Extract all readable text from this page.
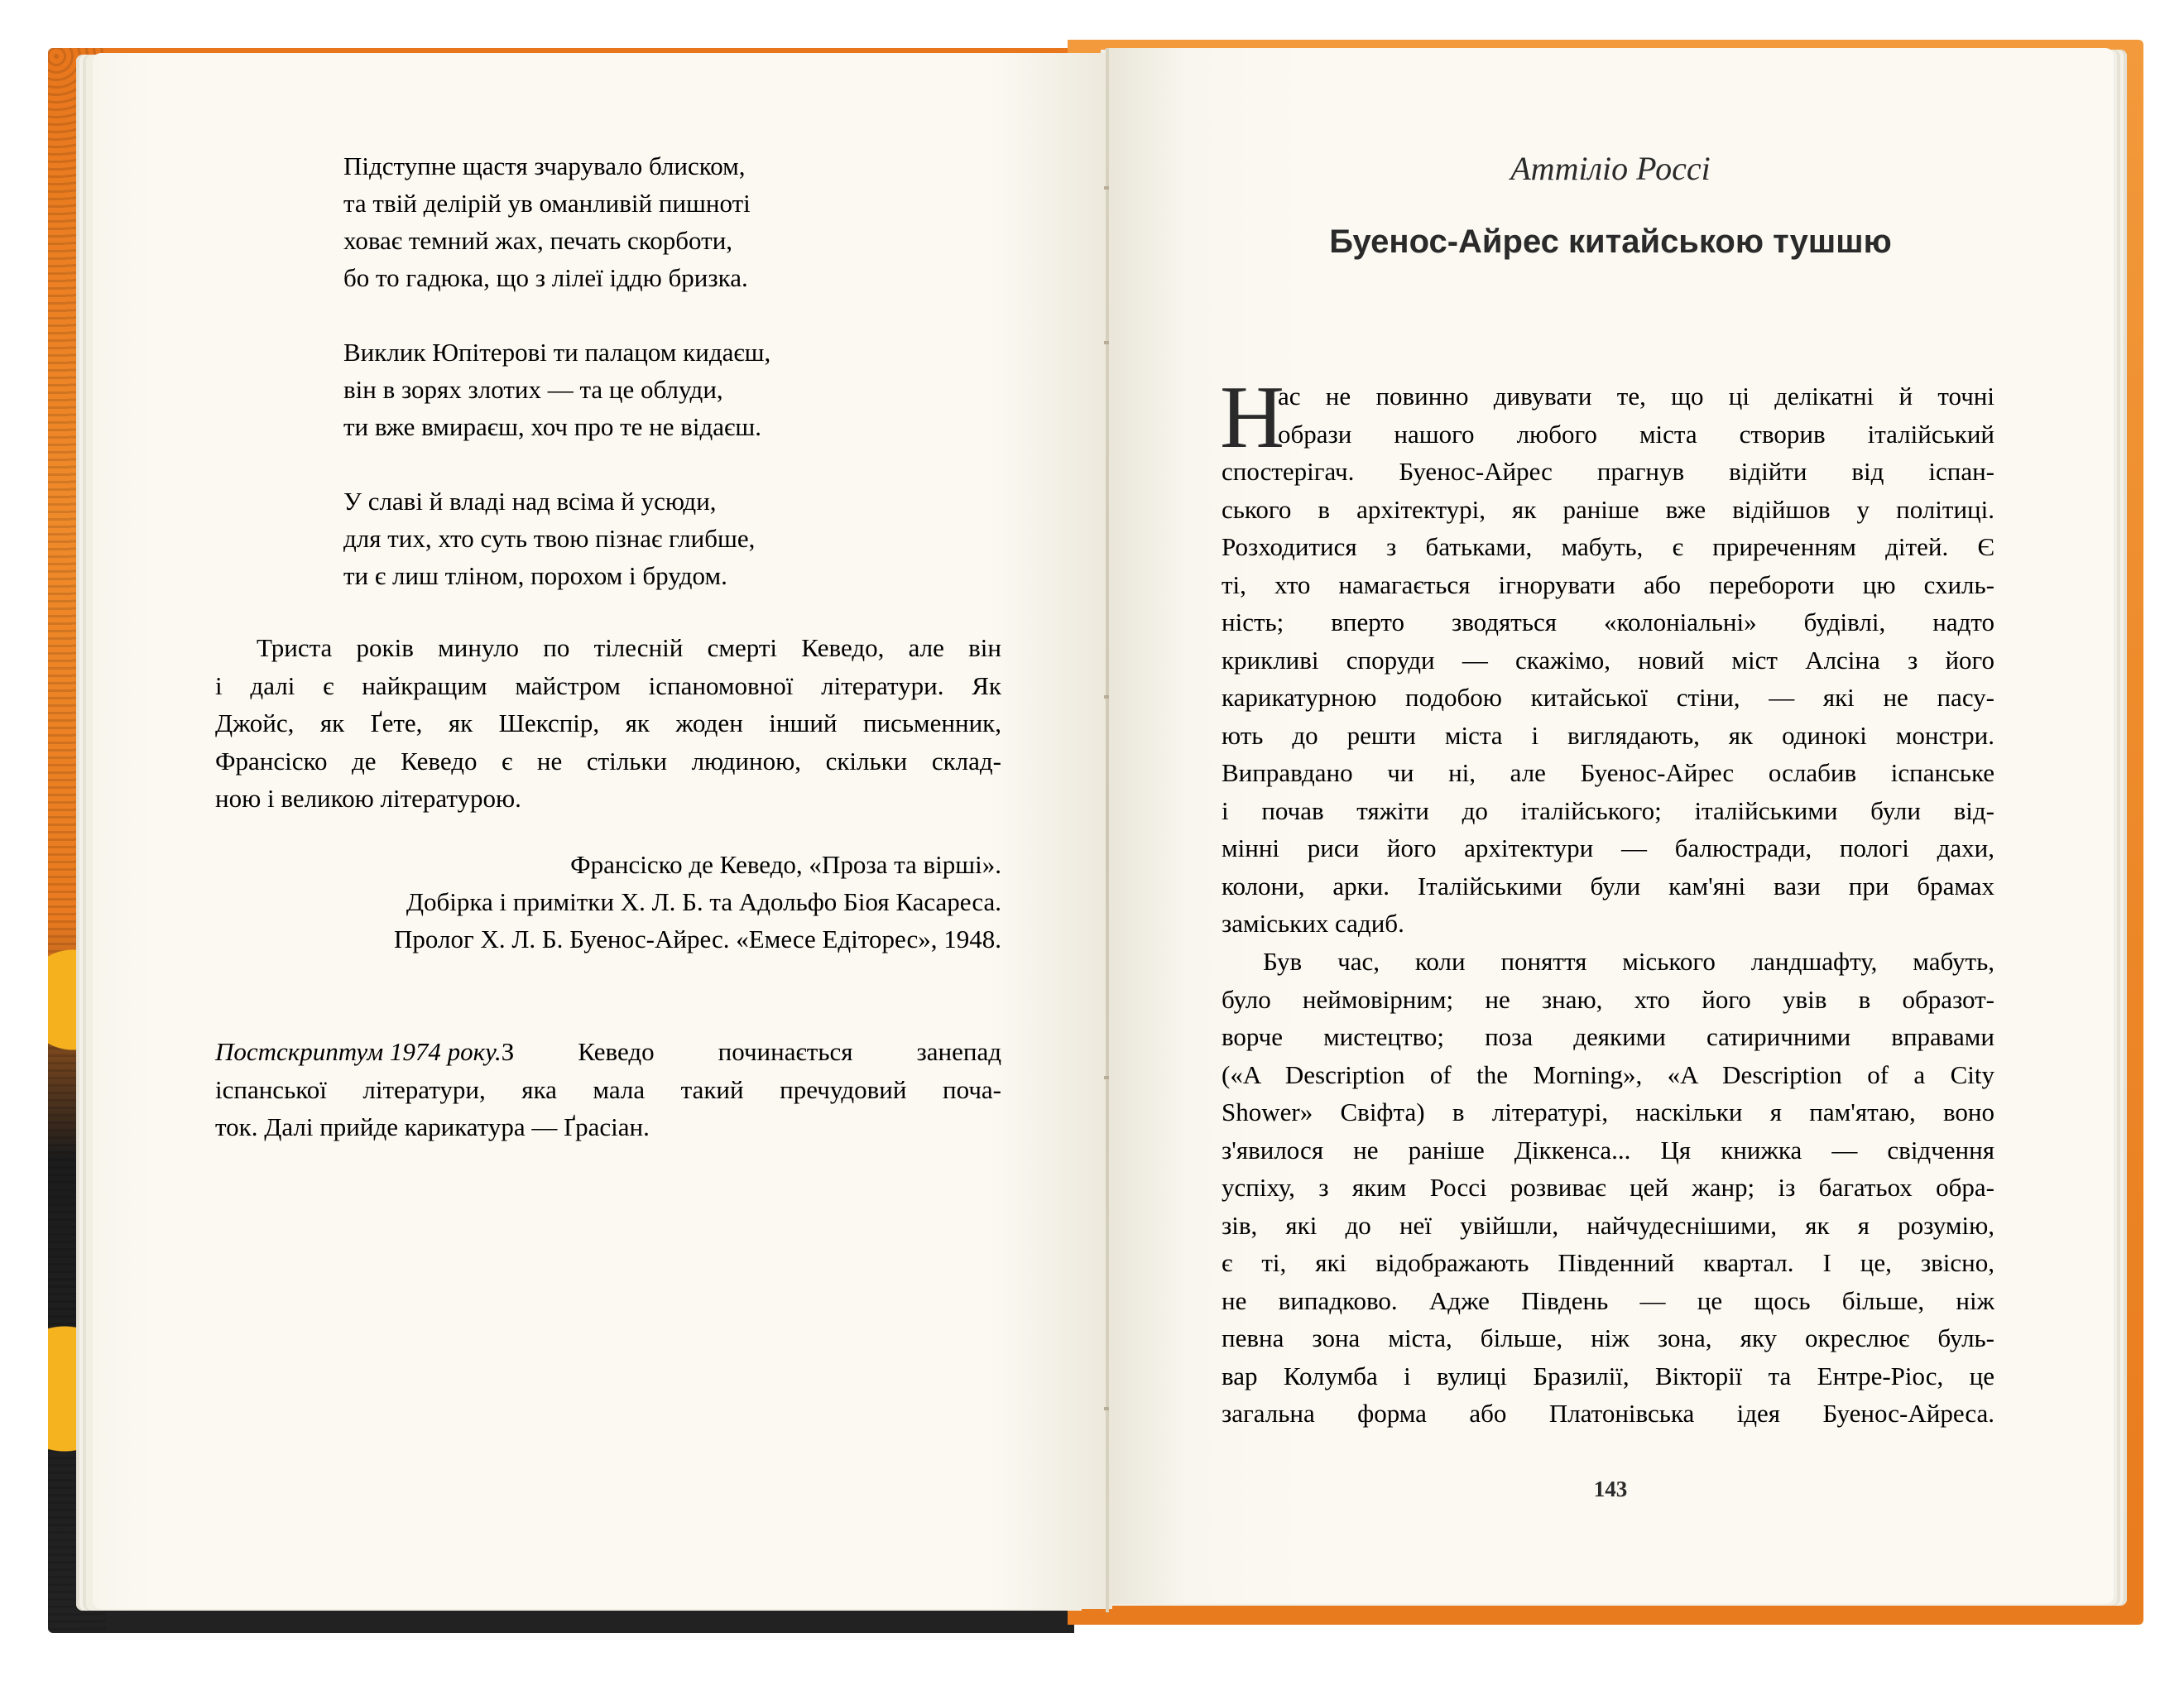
Підступне щастя зчарувало блиском,
та твій делірій ув оманливій пишноті
ховає темний жах, печать скорботи,
бо то гадюка, що з лілеї іддю бризка.
Виклик Юпітерові ти палацом кидаєш,
він в зорях злотих — та це облуди,
ти вже вмираєш, хоч про те не відаєш.
У славі й владі над всіма й усюди,
для тих, хто суть твою пізнає глибше,
ти є лиш тліном, порохом і брудом.
Триста років минуло по тілесній смерті Кеведо, але він
і далі є найкращим майстром іспаномовної літератури. Як
Джойс, як Ґете, як Шекспір, як жоден інший письменник,
Франсіско де Кеведо є не стільки людиною, скільки склад-
ною і великою літературою.
Франсіско де Кеведо, «Проза та вірші».
Добірка і примітки Х. Л. Б. та Адольфо Біоя Касареса.
Пролог Х. Л. Б. Буенос-Айрес. «Емесе Едіторес», 1948.
Постскриптум 1974 року. З Кеведо починається занепад
іспанської літератури, яка мала такий пречудовий поча-
ток. Далі прийде карикатура — Ґрасіан.
Аттіліо Россі
Буенос-Айрес китайською тушшю
Н
ас не повинно дивувати те, що ці делікатні й точні
образи нашого любого міста створив італійський
спостерігач. Буенос-Айрес прагнув відійти від іспан-
ського в архітектурі, як раніше вже відійшов у політиці.
Розходитися з батьками, мабуть, є приреченням дітей. Є
ті, хто намагається ігнорувати або перебороти цю схиль-
ність; вперто зводяться «колоніальні» будівлі, надто
крикливі споруди — скажімо, новий міст Алсіна з його
карикатурною подобою китайської стіни, — які не пасу-
ють до решти міста і виглядають, як одинокі монстри.
Виправдано чи ні, але Буенос-Айрес ослабив іспанське
і почав тяжіти до італійського; італійськими були від-
мінні риси його архітектури — балюстради, пологі дахи,
колони, арки. Італійськими були кам'яні вази при брамах
заміських садиб.
Був час, коли поняття міського ландшафту, мабуть,
було неймовірним; не знаю, хто його увів в образот-
ворче мистецтво; поза деякими сатиричними вправами
(«A Description of the Morning», «A Description of a City
Shower» Свіфта) в літературі, наскільки я пам'ятаю, воно
з'явилося не раніше Діккенса... Ця книжка — свідчення
успіху, з яким Россі розвиває цей жанр; із багатьох обра-
зів, які до неї увійшли, найчудеснішими, як я розумію,
є ті, які відображають Південний квартал. І це, звісно,
не випадково. Адже Південь — це щось більше, ніж
певна зона міста, більше, ніж зона, яку окреслює буль-
вар Колумба і вулиці Бразилії, Вікторії та Ентре-Ріос, це
загальна форма або Платонівська ідея Буенос-Айреса.
143
